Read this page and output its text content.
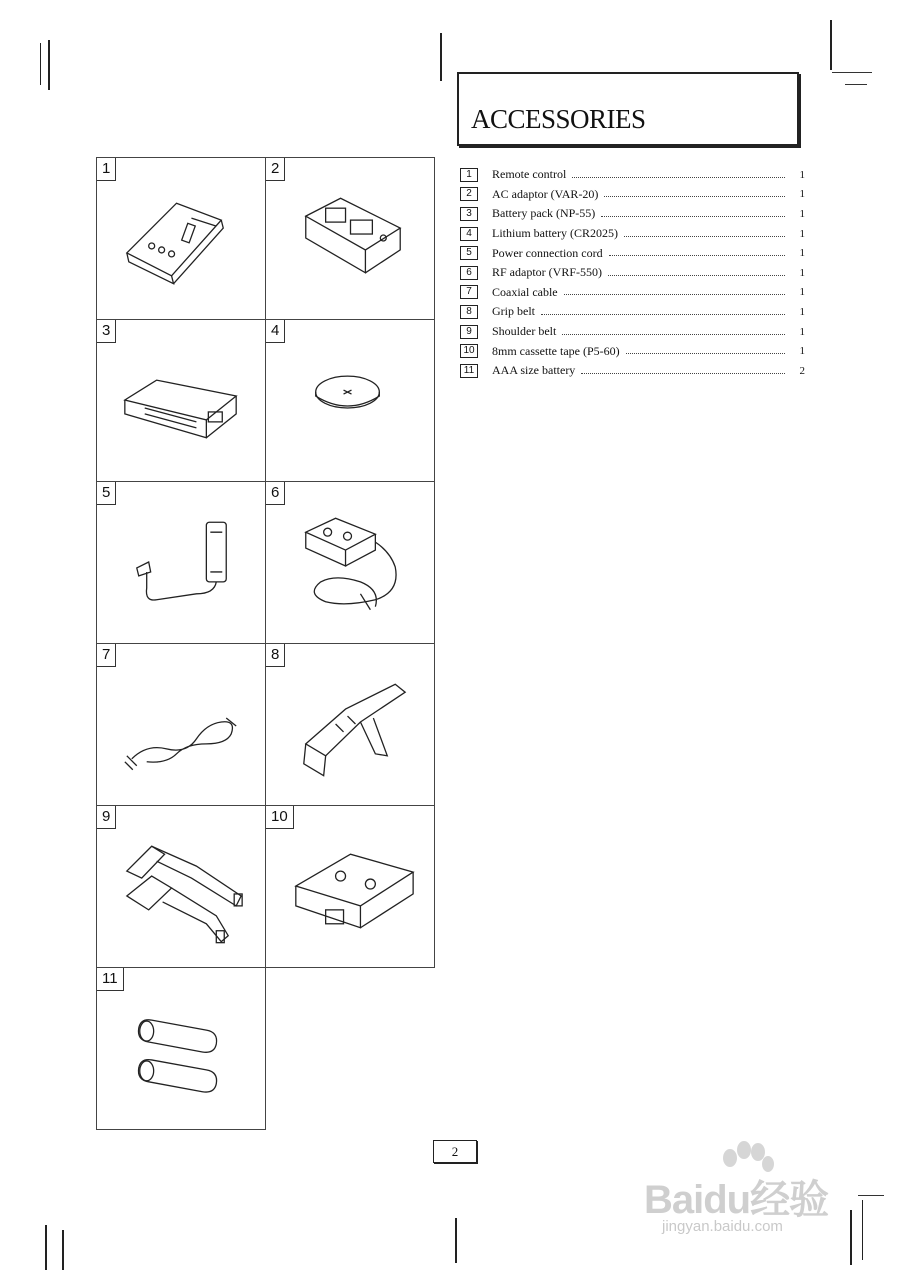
ACCESSORIES
1	Remote control	1
2	AC adaptor (VAR-20)	1
3	Battery pack (NP-55)	1
4	Lithium battery (CR2025)	1
5	Power connection cord	1
6	RF adaptor (VRF-550)	1
7	Coaxial cable	1
8	Grip belt	1
9	Shoulder belt	1
10 8mm cassette tape (P5-60)	1
11	AAA size battery	2
1	2
3	4
5	6
7	8
9	10
11
2
Baidu经验
jingyan.baidu.com
